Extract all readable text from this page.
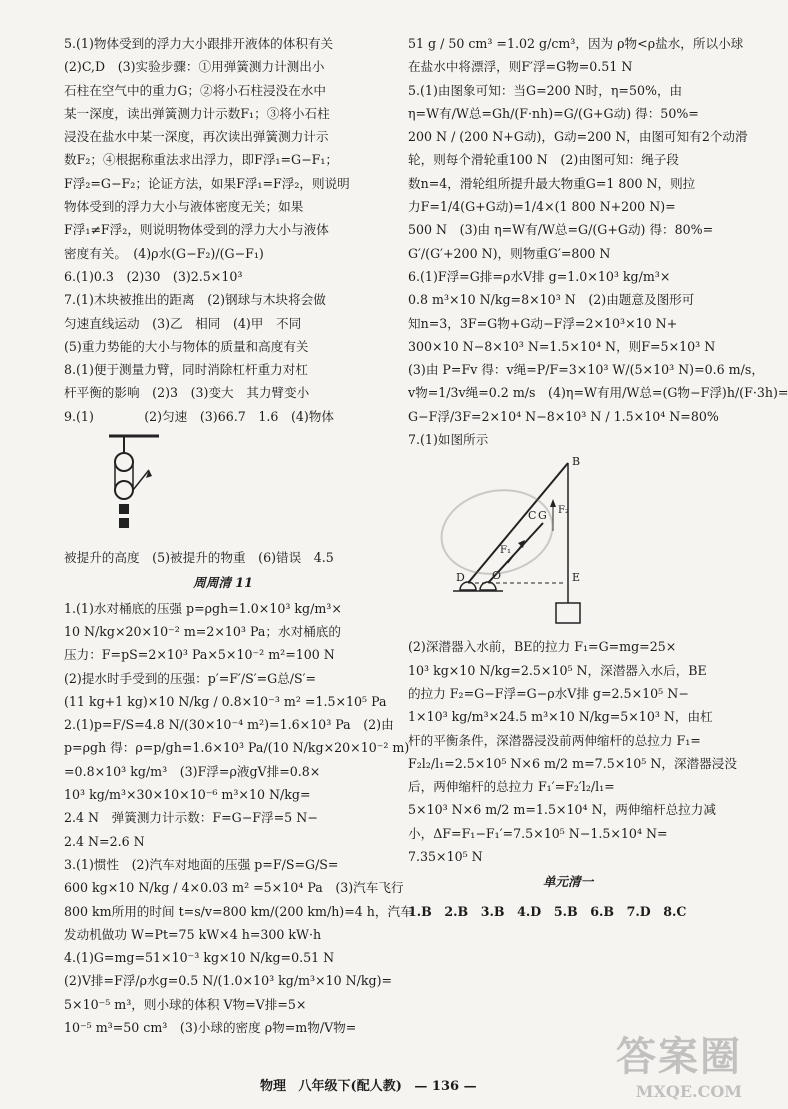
5.(1)物体受到的浮力大小跟排开液体的体积有关
(2)C,D　(3)实验步骤：①用弹簧测力计测出小
石柱在空气中的重力G；②将小石柱浸没在水中
某一深度，读出弹簧测力计示数F₁；③将小石柱
浸没在盐水中某一深度，再次读出弹簧测力计示
数F₂；④根据称重法求出浮力，即F浮₁=G−F₁；
F浮₂=G−F₂；论证方法，如果F浮₁=F浮₂，则说明
物体受到的浮力大小与液体密度无关；如果
F浮₁≠F浮₂，则说明物体受到的浮力大小与液体
密度有关。　(4)ρ水(G−F₂)/(G−F₁)
6.(1)0.3　(2)30　(3)2.5×10³
7.(1)木块被推出的距离　(2)钢球与木块将会做
匀速直线运动　(3)乙　相同　(4)甲　不同
(5)重力势能的大小与物体的质量和高度有关
8.(1)便于测量力臂，同时消除杠杆重力对杠
杆平衡的影响　(2)3　(3)变大　其力臂变小
9.(1)　　　　(2)匀速　(3)66.7　1.6　(4)物体
被提升的高度　(5)被提升的物重　(6)错误　4.5
周周清 11
1.(1)水对桶底的压强 p=ρgh=1.0×10³ kg/m³×
10 N/kg×20×10⁻² m=2×10³ Pa；水对桶底的
压力：F=pS=2×10³ Pa×5×10⁻² m²=100 N
(2)提水时手受到的压强：p′=F′/S′=G总/S′=
(11 kg+1 kg)×10 N/kg / 0.8×10⁻³ m² =1.5×10⁵ Pa
2.(1)p=F/S=4.8 N/(30×10⁻⁴ m²)=1.6×10³ Pa　(2)由
p=ρgh 得：ρ=p/gh=1.6×10³ Pa/(10 N/kg×20×10⁻² m)
=0.8×10³ kg/m³　(3)F浮=ρ液gV排=0.8×
10³ kg/m³×30×10×10⁻⁶ m³×10 N/kg=
2.4 N　弹簧测力计示数：F=G−F浮=5 N−
2.4 N=2.6 N
3.(1)惯性　(2)汽车对地面的压强 p=F/S=G/S=
600 kg×10 N/kg / 4×0.03 m² =5×10⁴ Pa　(3)汽车飞行
800 km所用的时间 t=s/v=800 km/(200 km/h)=4 h，汽车
发动机做功 W=Pt=75 kW×4 h=300 kW·h
4.(1)G=mg=51×10⁻³ kg×10 N/kg=0.51 N
(2)V排=F浮/ρ水g=0.5 N/(1.0×10³ kg/m³×10 N/kg)=
5×10⁻⁵ m³，则小球的体积 V物=V排=5×
10⁻⁵ m³=50 cm³　(3)小球的密度 ρ物=m物/V物=
51 g / 50 cm³ =1.02 g/cm³，因为 ρ物<ρ盐水，所以小球
在盐水中将漂浮，则F′浮=G物=0.51 N
5.(1)由图象可知：当G=200 N时，η=50%，由
η=W有/W总=Gh/(F·nh)=G/(G+G动) 得：50%=
200 N / (200 N+G动)，G动=200 N，由图可知有2个动滑
轮，则每个滑轮重100 N　(2)由图可知：绳子段
数n=4，滑轮组所提升最大物重G=1 800 N，则拉
力F=1/4(G+G动)=1/4×(1 800 N+200 N)=
500 N　(3)由 η=W有/W总=G/(G+G动) 得：80%=
G′/(G′+200 N)，则物重G′=800 N
6.(1)F浮=G排=ρ水V排 g=1.0×10³ kg/m³×
0.8 m³×10 N/kg=8×10³ N　(2)由题意及图形可
知n=3，3F=G物+G动−F浮=2×10³×10 N+
300×10 N−8×10³ N=1.5×10⁴ N，则F=5×10³ N
(3)由 P=Fv 得：v绳=P/F=3×10³ W/(5×10³ N)=0.6 m/s，
v物=1/3v绳=0.2 m/s　(4)η=W有用/W总=(G物−F浮)h/(F·3h)=
G−F浮/3F=2×10⁴ N−8×10³ N / 1.5×10⁴ N=80%
7.(1)如图所示
B
C G
O
D	E
F₁
F₂
(2)深潜器入水前，BE的拉力 F₁=G=mg=25×
10³ kg×10 N/kg=2.5×10⁵ N，深潜器入水后，BE
的拉力 F₂=G−F浮=G−ρ水V排 g=2.5×10⁵ N−
1×10³ kg/m³×24.5 m³×10 N/kg=5×10³ N，由杠
杆的平衡条件，深潜器浸没前两伸缩杆的总拉力 F₁=
F₂l₂/l₁=2.5×10⁵ N×6 m/2 m=7.5×10⁵ N，深潜器浸没
后，两伸缩杆的总拉力 F₁′=F₂′l₂/l₁=
5×10³ N×6 m/2 m=1.5×10⁴ N，两伸缩杆总拉力减
小，ΔF=F₁−F₁′=7.5×10⁵ N−1.5×10⁴ N=
7.35×10⁵ N
单元清一
1.B　2.B　3.B　4.D　5.B　6.B　7.D　8.C
物理 八年级下(配人教) — 136 —
答案圈
MXQE.COM
